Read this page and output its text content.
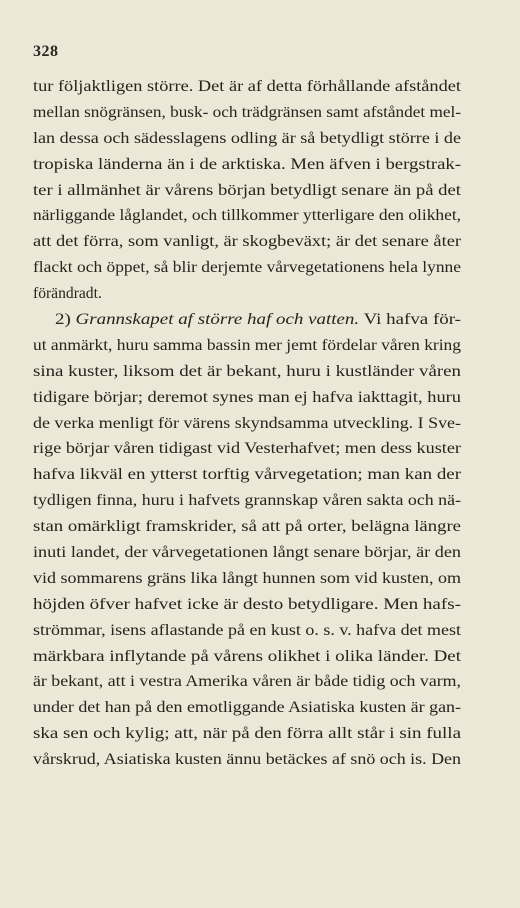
328
tur följaktligen större. Det är af detta förhållande afståndet
mellan snögränsen, busk- och trädgränsen samt afståndet mel-
lan dessa och sädesslagens odling är så betydligt större i de
tropiska länderna än i de arktiska. Men äfven i bergstrak-
ter i allmänhet är vårens början betydligt senare än på det
närliggande låglandet, och tillkommer ytterligare den olikhet,
att det förra, som vanligt, är skogbeväxt; är det senare åter
flackt och öppet, så blir derjemte vårvegetationens hela lynne
förändradt.
2) Grannskapet af större haf och vatten. Vi hafva för-
ut anmärkt, huru samma bassin mer jemt fördelar våren kring
sina kuster, liksom det är bekant, huru i kustländer våren
tidigare börjar; deremot synes man ej hafva iakttagit, huru
de verka menligt för värens skyndsamma utveckling. I Sve-
rige börjar våren tidigast vid Vesterhafvet; men dess kuster
hafva likväl en ytterst torftig vårvegetation; man kan der
tydligen finna, huru i hafvets grannskap våren sakta och nä-
stan omärkligt framskrider, så att på orter, belägna längre
inuti landet, der vårvegetationen långt senare börjar, är den
vid sommarens gräns lika långt hunnen som vid kusten, om
höjden öfver hafvet icke är desto betydligare. Men hafs-
strömmar, isens aflastande på en kust o. s. v. hafva det mest
märkbara inflytande på vårens olikhet i olika länder. Det
är bekant, att i vestra Amerika våren är både tidig och varm,
under det han på den emotliggande Asiatiska kusten är gan-
ska sen och kylig; att, när på den förra allt står i sin fulla
vårskrud, Asiatiska kusten ännu betäckes af snö och is. Den
